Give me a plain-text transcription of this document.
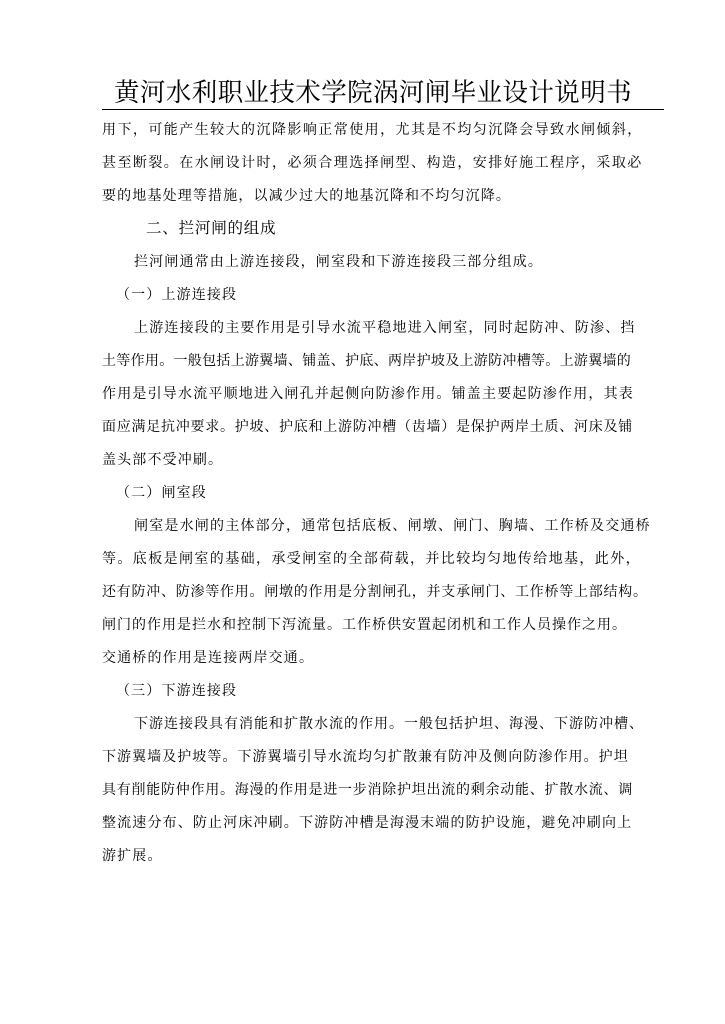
黄河水利职业技术学院涡河闸毕业设计说明书
用下，可能产生较大的沉降影响正常使用，尤其是不均匀沉降会导致水闸倾斜，
甚至断裂。在水闸设计时，必须合理选择闸型、构造，安排好施工程序，采取必
要的地基处理等措施，以减少过大的地基沉降和不均匀沉降。
二、拦河闸的组成
拦河闸通常由上游连接段，闸室段和下游连接段三部分组成。
（一）上游连接段
上游连接段的主要作用是引导水流平稳地进入闸室，同时起防冲、防渗、挡
土等作用。一般包括上游翼墙、铺盖、护底、两岸护坡及上游防冲槽等。上游翼墙的
作用是引导水流平顺地进入闸孔并起侧向防渗作用。铺盖主要起防渗作用，其表
面应满足抗冲要求。护坡、护底和上游防冲槽（齿墙）是保护两岸土质、河床及铺
盖头部不受冲刷。
（二）闸室段
闸室是水闸的主体部分，通常包括底板、闸墩、闸门、胸墙、工作桥及交通桥
等。底板是闸室的基础，承受闸室的全部荷载，并比较均匀地传给地基，此外，
还有防冲、防渗等作用。闸墩的作用是分割闸孔，并支承闸门、工作桥等上部结构。
闸门的作用是拦水和控制下泻流量。工作桥供安置起闭机和工作人员操作之用。
交通桥的作用是连接两岸交通。
（三）下游连接段
下游连接段具有消能和扩散水流的作用。一般包括护坦、海漫、下游防冲槽、
下游翼墙及护坡等。下游翼墙引导水流均匀扩散兼有防冲及侧向防渗作用。护坦
具有削能防仲作用。海漫的作用是进一步消除护坦出流的剩余动能、扩散水流、调
整流速分布、防止河床冲刷。下游防冲槽是海漫末端的防护设施，避免冲刷向上
游扩展。
